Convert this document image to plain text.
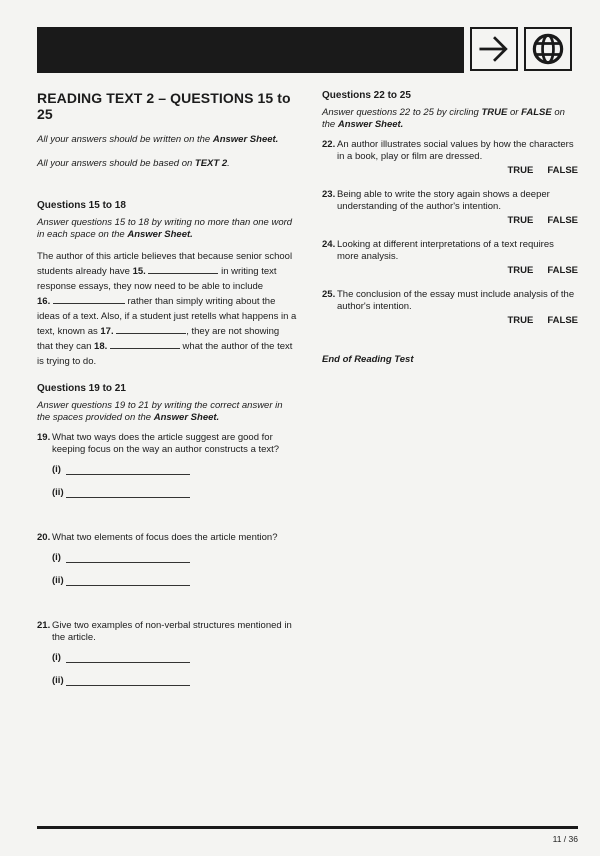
READING TEXT 2 – QUESTIONS 15 to 25

All your answers should be written on the Answer Sheet.

All your answers should be based on TEXT 2.

Questions 15 to 18

Answer questions 15 to 18 by writing no more than one word in each space on the Answer Sheet.

The author of this article believes that because senior school students already have 15.	in writing text response essays, they now need to be able to include
16.	rather than simply writing about the ideas of a text. Also, if a student just retells what happens in a text, known as 17.	, they are not showing that they can 18.	what the author of the text is trying to do.

Questions 19 to 21

Answer questions 19 to 21 by writing the correct answer in the spaces provided on the Answer Sheet.

19. What two ways does the article suggest are good for keeping focus on the way an author constructs a text?
(i)
(ii)
20. What two elements of focus does the article mention?
(i)
(ii)
21. Give two examples of non-verbal structures mentioned in the article.
(i)
(ii)
Questions 22 to 25

Answer questions 22 to 25 by circling TRUE or FALSE on the Answer Sheet.

22. An author illustrates social values by how the characters in a book, play or film are dressed.
TRUE FALSE
23. Being able to write the story again shows a deeper understanding of the author's intention.
TRUE FALSE
24. Looking at different interpretations of a text requires more analysis.
TRUE FALSE
25. The conclusion of the essay must include analysis of the author's intention.
TRUE FALSE
End of Reading Test
11 / 36
